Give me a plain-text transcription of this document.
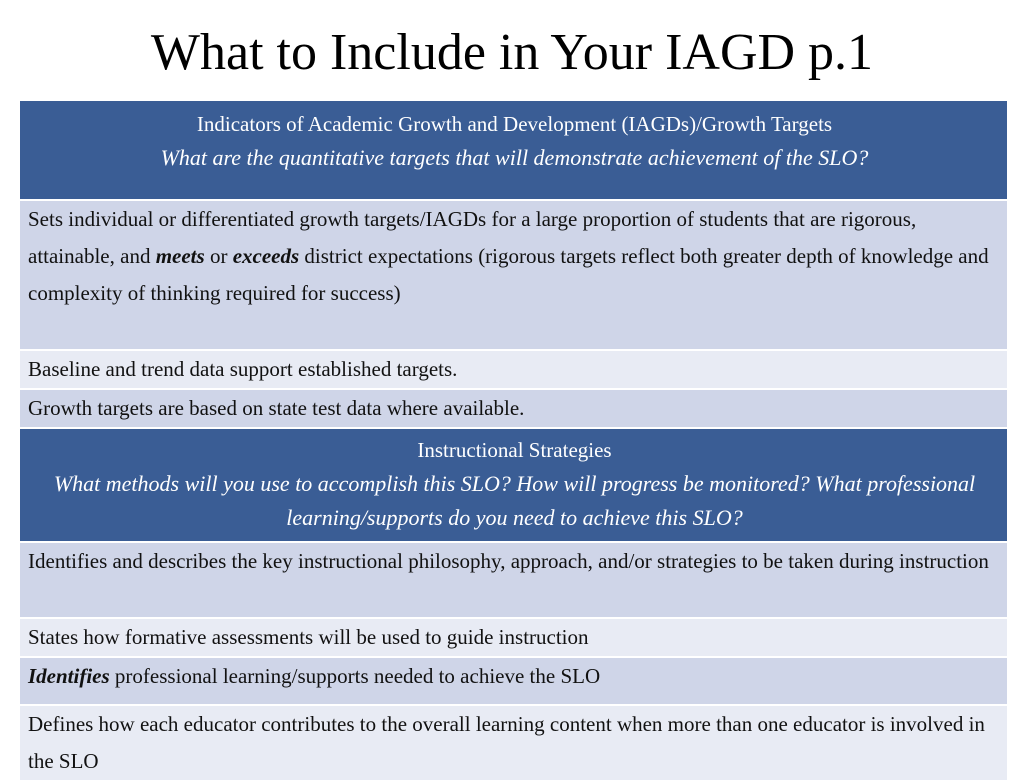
What to Include in Your IAGD p.1
Indicators of Academic Growth and Development (IAGDs)/Growth Targets
What are the quantitative targets that will demonstrate achievement of the SLO?

Sets individual or differentiated growth targets/IAGDs for a large proportion of students that are rigorous, attainable, and meets or exceeds district expectations (rigorous targets reflect both greater depth of knowledge and complexity of thinking required for success)
Baseline and trend data support established targets.
Growth targets are based on state test data where available.

Instructional Strategies
What methods will you use to accomplish this SLO? How will progress be monitored? What professional learning/supports do you need to achieve this SLO?

Identifies and describes the key instructional philosophy, approach, and/or strategies to be taken during instruction
States how formative assessments will be used to guide instruction
Identifies professional learning/supports needed to achieve the SLO
Defines how each educator contributes to the overall learning content when more than one educator is involved in the SLO
